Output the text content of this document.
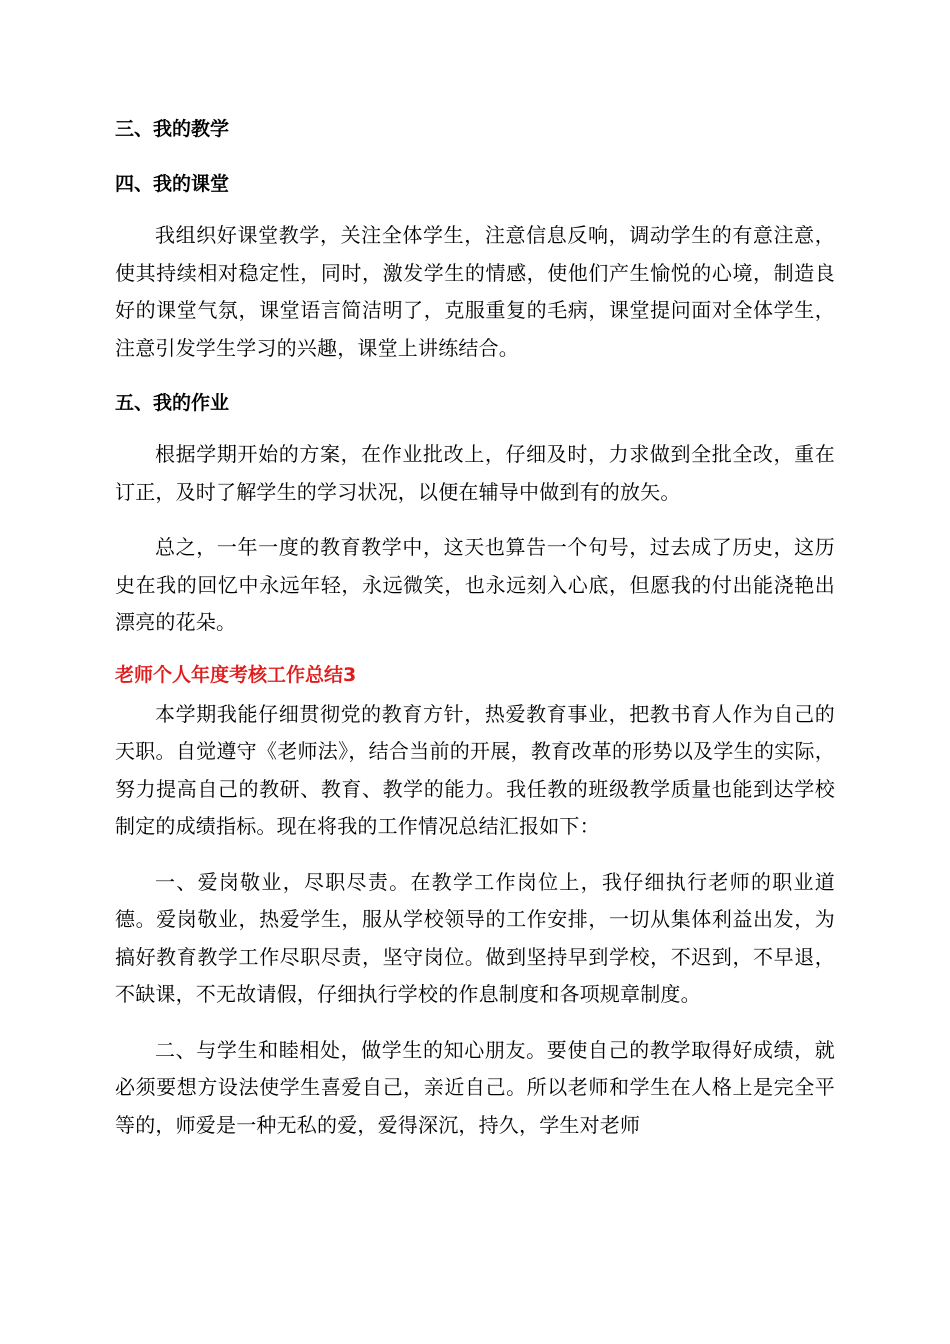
三、我的教学

四、我的课堂

我组织好课堂教学，关注全体学生，注意信息反响，调动学生的有意注意，使其持续相对稳定性，同时，激发学生的情感，使他们产生愉悦的心境，制造良好的课堂气氛，课堂语言简洁明了，克服重复的毛病，课堂提问面对全体学生，注意引发学生学习的兴趣，课堂上讲练结合。

五、我的作业

根据学期开始的方案，在作业批改上，仔细及时，力求做到全批全改，重在订正，及时了解学生的学习状况，以便在辅导中做到有的放矢。

总之，一年一度的教育教学中，这天也算告一个句号，过去成了历史，这历史在我的回忆中永远年轻，永远微笑，也永远刻入心底，但愿我的付出能浇艳出漂亮的花朵。

老师个人年度考核工作总结3

本学期我能仔细贯彻党的教育方针，热爱教育事业，把教书育人作为自己的天职。自觉遵守《老师法》，结合当前的开展，教育改革的形势以及学生的实际，努力提高自己的教研、教育、教学的能力。我任教的班级教学质量也能到达学校制定的成绩指标。现在将我的工作情况总结汇报如下：

一、爱岗敬业，尽职尽责。在教学工作岗位上，我仔细执行老师的职业道德。爱岗敬业，热爱学生，服从学校领导的工作安排，一切从集体利益出发，为搞好教育教学工作尽职尽责，坚守岗位。做到坚持早到学校，不迟到，不早退，不缺课，不无故请假，仔细执行学校的作息制度和各项规章制度。

二、与学生和睦相处，做学生的知心朋友。要使自己的教学取得好成绩，就必须要想方设法使学生喜爱自己，亲近自己。所以老师和学生在人格上是完全平等的，师爱是一种无私的爱，爱得深沉，持久，学生对老师
